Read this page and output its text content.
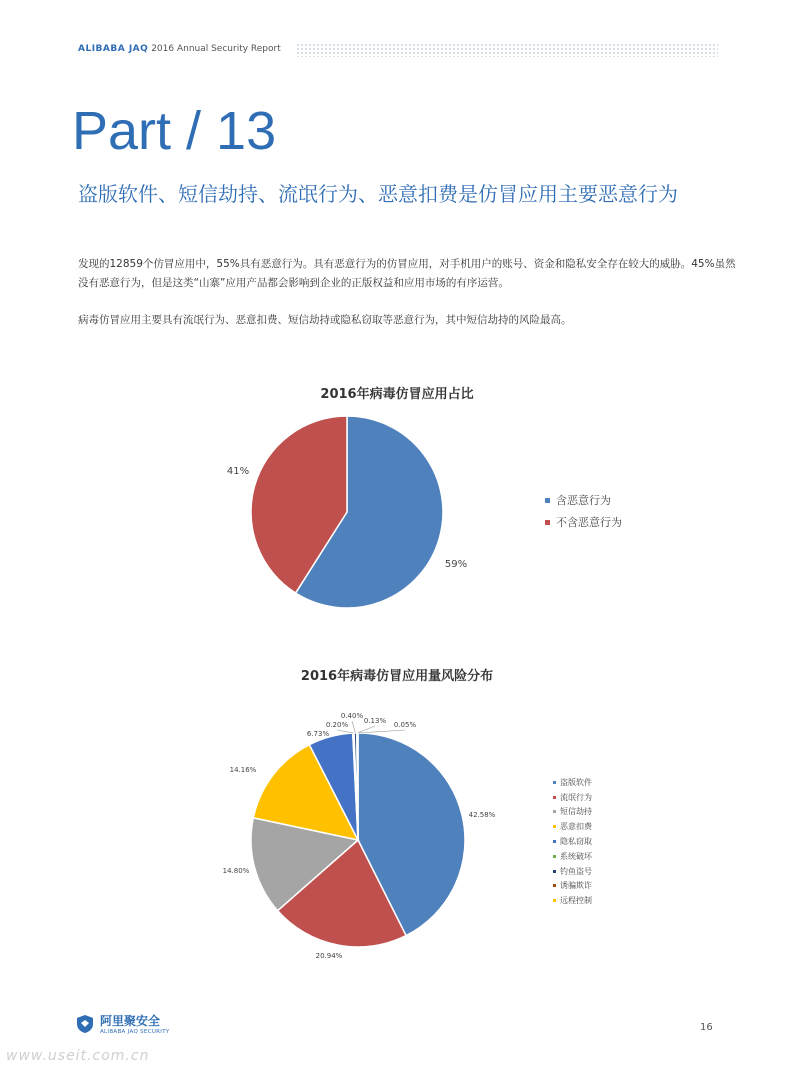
ALIBABA JAQ 2016 Annual Security Report
Part / 13
盗版软件、短信劫持、流氓行为、恶意扣费是仿冒应用主要恶意行为
发现的12859个仿冒应用中，55%具有恶意行为。具有恶意行为的仿冒应用，对手机用户的账号、资金和隐私安全存在较大的威胁。45%虽然没有恶意行为，但是这类“山寨”应用产品都会影响到企业的正版权益和应用市场的有序运营。
病毒仿冒应用主要具有流氓行为、恶意扣费、短信劫持或隐私窃取等恶意行为，其中短信劫持的风险最高。
2016年病毒仿冒应用占比
59%
41%
含恶意行为
不含恶意行为
2016年病毒仿冒应用量风险分布
42.58%
20.94%
14.80%
14.16%
6.73%
0.20%
0.40%
0.13% 0.05%
盗版软件
流氓行为
短信劫持
恶意扣费
隐私窃取
系统破坏
钓鱼盗号
诱骗欺诈
远程控制
阿里聚安全
ALIBABA JAQ SECURITY	16
www.useit.com.cn
